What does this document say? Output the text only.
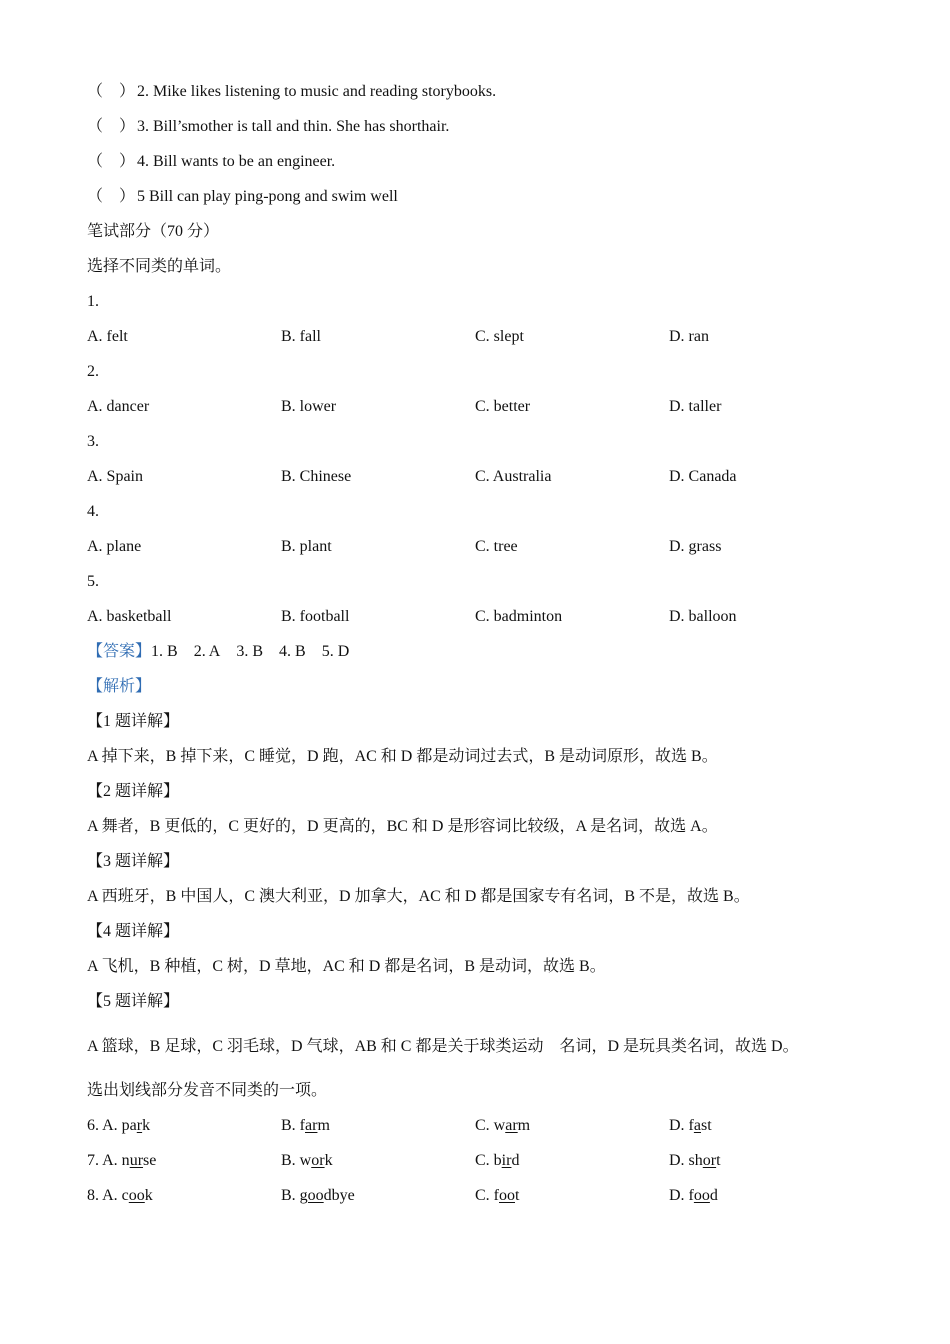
（　） 2. Mike likes listening to music and reading storybooks.
（　） 3. Bill’smother is tall and thin. She has shorthair.
（　） 4. Bill wants to be an engineer.
（　） 5 Bill can play ping-pong and swim well
笔试部分（70 分）
选择不同类的单词。
1.
A. felt	B. fall	C. slept	D. ran
2.
A. dancer	B. lower	C. better	D. taller
3.
A. Spain	B. Chinese	C. Australia	D. Canada
4.
A. plane	B. plant	C. tree	D. grass
5.
A. basketball	B. football	C. badminton	D. balloon
【答案】1. B 2. A 3. B 4. B 5. D
【解析】
【1 题详解】
A 掉下来，B 掉下来，C 睡觉，D 跑，AC 和 D 都是动词过去式，B 是动词原形，故选 B。
【2 题详解】
A 舞者，B 更低的，C 更好的，D 更高的，BC 和 D 是形容词比较级，A 是名词，故选 A。
【3 题详解】
A 西班牙，B 中国人，C 澳大利亚，D 加拿大，AC 和 D 都是国家专有名词，B 不是，故选 B。
【4 题详解】
A 飞机，B 种植，C 树，D 草地，AC 和 D 都是名词，B 是动词，故选 B。
【5 题详解】
A 篮球，B 足球，C 羽毛球，D 气球，AB 和 C 都是关于球类运动　名词，D 是玩具类名词，故选 D。
选出划线部分发音不同类的一项。
6. A. park	B. farm	C. warm	D. fast
7. A. nurse	B. work	C. bird	D. short
8. A. cook	B. goodbye	C. foot	D. food
